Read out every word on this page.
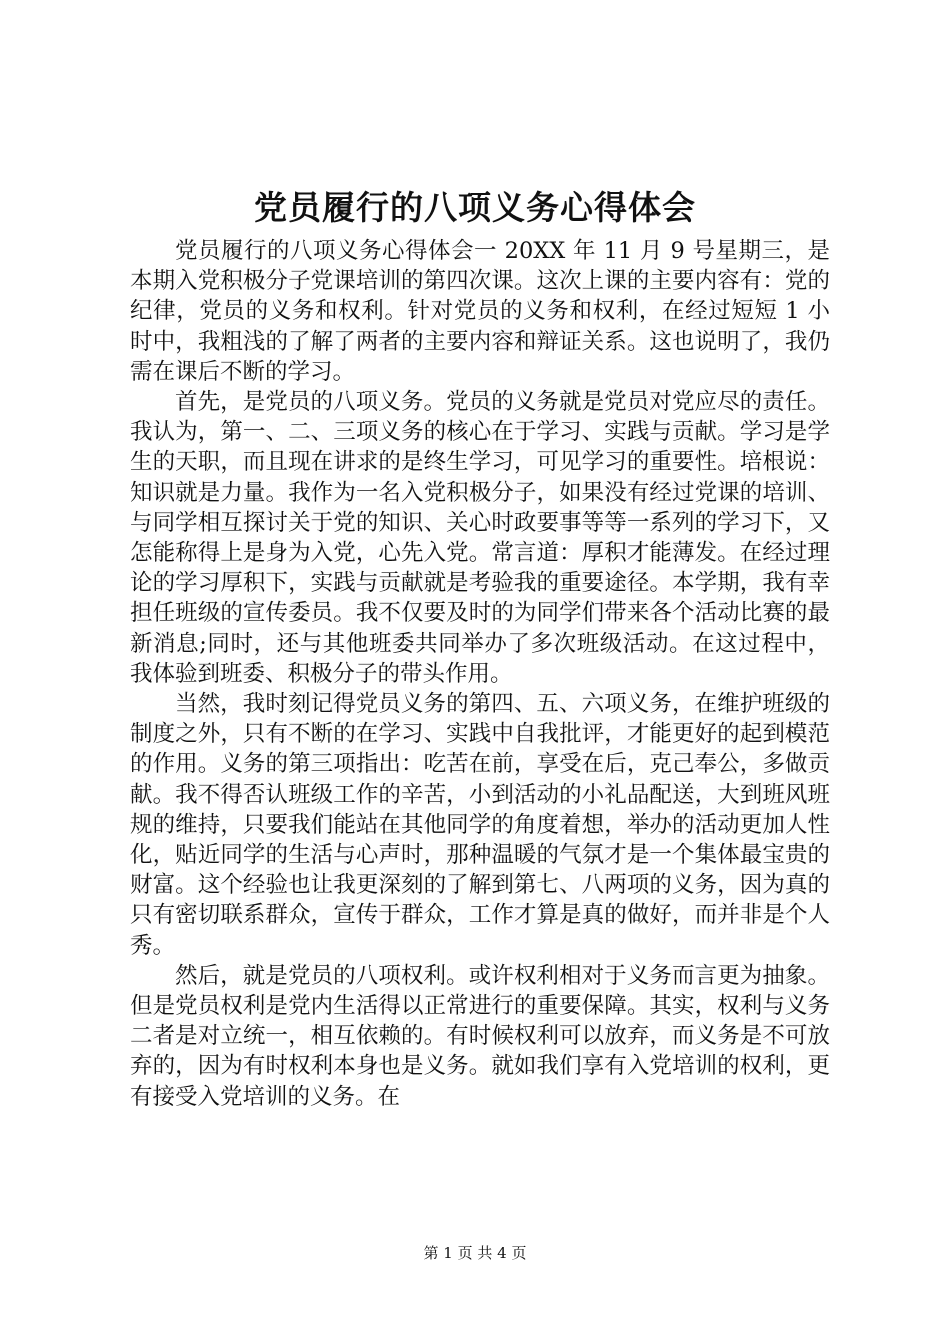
党员履行的八项义务心得体会

党员履行的八项义务心得体会一 20XX 年 11 月 9 号星期三，是本期入党积极分子党课培训的第四次课。这次上课的主要内容有：党的纪律，党员的义务和权利。针对党员的义务和权利，在经过短短 1 小时中，我粗浅的了解了两者的主要内容和辩证关系。这也说明了，我仍需在课后不断的学习。

首先，是党员的八项义务。党员的义务就是党员对党应尽的责任。我认为，第一、二、三项义务的核心在于学习、实践与贡献。学习是学生的天职，而且现在讲求的是终生学习，可见学习的重要性。培根说：知识就是力量。我作为一名入党积极分子，如果没有经过党课的培训、与同学相互探讨关于党的知识、关心时政要事等等一系列的学习下，又怎能称得上是身为入党，心先入党。常言道：厚积才能薄发。在经过理论的学习厚积下，实践与贡献就是考验我的重要途径。本学期，我有幸担任班级的宣传委员。我不仅要及时的为同学们带来各个活动比赛的最新消息;同时，还与其他班委共同举办了多次班级活动。在这过程中，我体验到班委、积极分子的带头作用。

当然，我时刻记得党员义务的第四、五、六项义务，在维护班级的制度之外，只有不断的在学习、实践中自我批评，才能更好的起到模范的作用。义务的第三项指出：吃苦在前，享受在后，克己奉公，多做贡献。我不得否认班级工作的辛苦，小到活动的小礼品配送，大到班风班规的维持，只要我们能站在其他同学的角度着想，举办的活动更加人性化，贴近同学的生活与心声时，那种温暖的气氛才是一个集体最宝贵的财富。这个经验也让我更深刻的了解到第七、八两项的义务，因为真的只有密切联系群众，宣传于群众，工作才算是真的做好，而并非是个人秀。

然后，就是党员的八项权利。或许权利相对于义务而言更为抽象。但是党员权利是党内生活得以正常进行的重要保障。其实，权利与义务二者是对立统一，相互依赖的。有时候权利可以放弃，而义务是不可放弃的，因为有时权利本身也是义务。就如我们享有入党培训的权利，更有接受入党培训的义务。在

第 1 页 共 4 页
